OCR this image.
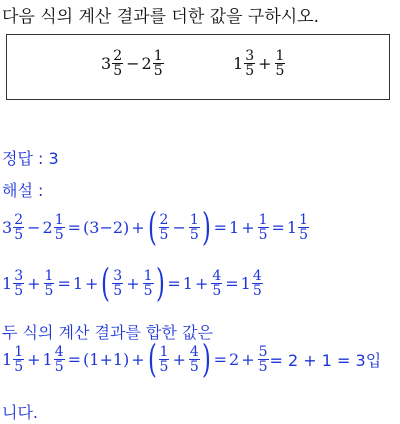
다음 식의 계산 결과를 더한 값을 구하시오.
$3 \frac{2}{5} - 2 \frac{1}{5}$	$1 \frac{3}{5} + \frac{1}{5}$
정답 : 3
해설 :
$3 \frac{2}{5} - 2 \frac{1}{5} = (3-2)$ + ( $\frac{2}{5} - \frac{1}{5}$ ) = $1 + \frac{1}{5} = 1 \frac{1}{5}$
$1 \frac{3}{5} + \frac{1}{5} = 1$ + ( $\frac{3}{5} + \frac{1}{5}$ ) = $1 + \frac{4}{5} = 1 \frac{4}{5}$
두 식의 계산 결과를 합한 값은
$1 \frac{1}{5} + 1 \frac{4}{5} = (1+1)$ + ( $\frac{1}{5} + \frac{4}{5}$ ) = $2 + \frac{5}{5} = 2 + 1 = 3$입
니다.
